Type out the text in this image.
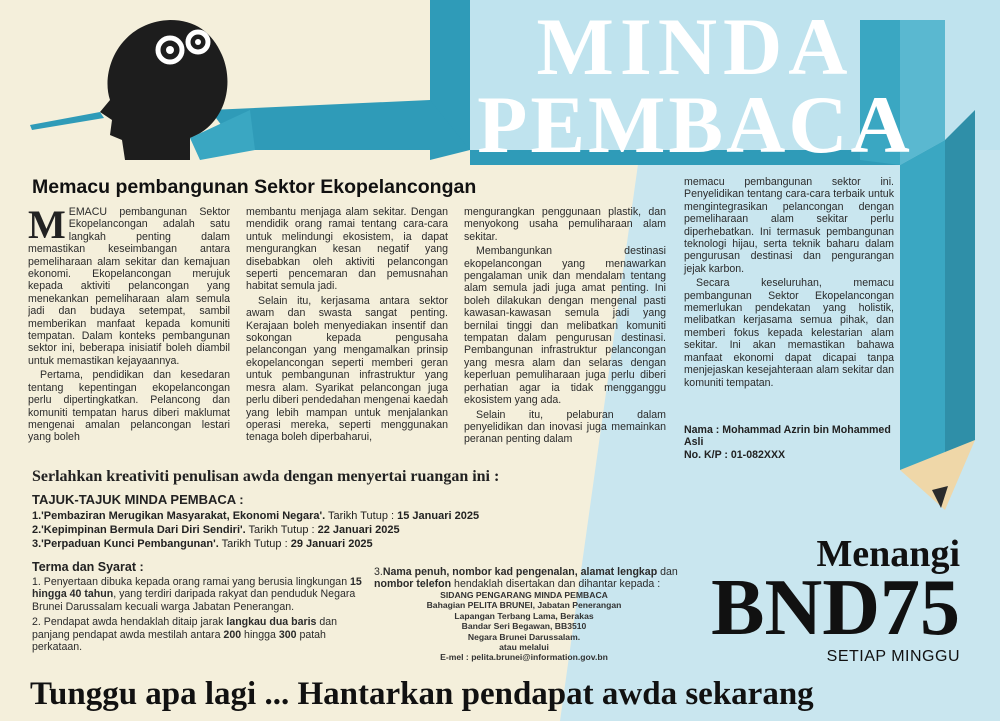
MINDA
PEMBACA
Memacu pembangunan Sektor Ekopelancongan

MEMACU pembangunan Sektor Ekopelancongan adalah satu langkah penting dalam memastikan keseimbangan antara pemeliharaan alam sekitar dan kemajuan ekonomi. Ekopelancongan merujuk kepada aktiviti pelancongan yang menekankan pemeliharaan alam semula jadi dan budaya setempat, sambil memberikan manfaat kepada komuniti tempatan. Dalam konteks pembangunan sektor ini, beberapa inisiatif boleh diambil untuk memastikan kejayaannya.

Pertama, pendidikan dan kesedaran tentang kepentingan ekopelancongan perlu dipertingkatkan. Pelancong dan komuniti tempatan harus diberi maklumat mengenai amalan pelancongan lestari yang boleh

membantu menjaga alam sekitar. Dengan mendidik orang ramai tentang cara-cara untuk melindungi ekosistem, ia dapat mengurangkan kesan negatif yang disebabkan oleh aktiviti pelancongan seperti pencemaran dan pemusnahan habitat semula jadi.

Selain itu, kerjasama antara sektor awam dan swasta sangat penting. Kerajaan boleh menyediakan insentif dan sokongan kepada pengusaha pelancongan yang mengamalkan prinsip ekopelancongan seperti memberi geran untuk pembangunan infrastruktur yang mesra alam. Syarikat pelancongan juga perlu diberi pendedahan mengenai kaedah yang lebih mampan untuk menjalankan operasi mereka, seperti menggunakan tenaga boleh diperbaharui,

mengurangkan penggunaan plastik, dan menyokong usaha pemuliharaan alam sekitar.

Membangunkan destinasi ekopelancongan yang menawarkan pengalaman unik dan mendalam tentang alam semula jadi juga amat penting. Ini boleh dilakukan dengan mengenal pasti kawasan-kawasan semula jadi yang bernilai tinggi dan melibatkan komuniti tempatan dalam pengurusan destinasi. Pembangunan infrastruktur pelancongan yang mesra alam dan selaras dengan keperluan pemuliharaan juga perlu diberi perhatian agar ia tidak mengganggu ekosistem yang ada.

Selain itu, pelaburan dalam penyelidikan dan inovasi juga memainkan peranan penting dalam

memacu pembangunan sektor ini. Penyelidikan tentang cara-cara terbaik untuk mengintegrasikan pelancongan dengan pemeliharaan alam sekitar perlu diperhebatkan. Ini termasuk pembangunan teknologi hijau, serta teknik baharu dalam pengurusan destinasi dan pengurangan jejak karbon.

Secara keseluruhan, memacu pembangunan Sektor Ekopelancongan memerlukan pendekatan yang holistik, melibatkan kerjasama semua pihak, dan memberi fokus kepada kelestarian alam sekitar. Ini akan memastikan bahawa manfaat ekonomi dapat dicapai tanpa menjejaskan kesejahteraan alam sekitar dan komuniti tempatan.

Nama : Mohammad Azrin bin Mohammed Asli
No. K/P : 01-082XXX
Serlahkan kreativiti penulisan awda dengan menyertai ruangan ini :
TAJUK-TAJUK MINDA PEMBACA :
1.'Pembaziran Merugikan Masyarakat, Ekonomi Negara'. Tarikh Tutup : 15 Januari 2025
2.'Kepimpinan Bermula Dari Diri Sendiri'. Tarikh Tutup : 22 Januari 2025
3.'Perpaduan Kunci Pembangunan'. Tarikh Tutup : 29 Januari 2025
Terma dan Syarat :

1. Penyertaan dibuka kepada orang ramai yang berusia lingkungan 15 hingga 40 tahun, yang terdiri daripada rakyat dan penduduk Negara Brunei Darussalam kecuali warga Jabatan Penerangan.

2. Pendapat awda hendaklah ditaip jarak langkau dua baris dan panjang pendapat awda mestilah antara 200 hingga 300 patah perkataan.

3.Nama penuh, nombor kad pengenalan, alamat lengkap dan nombor telefon hendaklah disertakan dan dihantar kepada :
SIDANG PENGARANG MINDA PEMBACA
Bahagian PELITA BRUNEI, Jabatan Penerangan
Lapangan Terbang Lama, Berakas
Bandar Seri Begawan, BB3510
Negara Brunei Darussalam.
atau melalui
E-mel : pelita.brunei@information.gov.bn
Menangi
BND75
SETIAP MINGGU
Tunggu apa lagi ... Hantarkan pendapat awda sekarang
